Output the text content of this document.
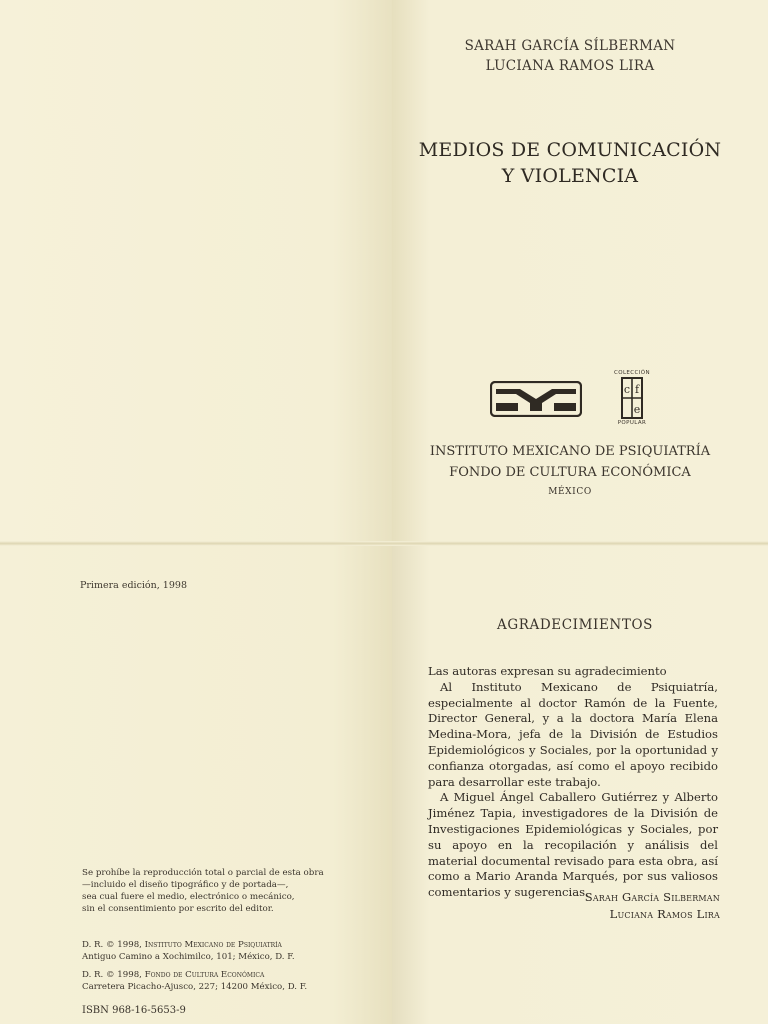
SARAH GARCÍA SÍLBERMAN
LUCIANA RAMOS LIRA
MEDIOS DE COMUNICACIÓN
Y VIOLENCIA
COLECCIÓN
c f
e
POPULAR
INSTITUTO MEXICANO DE PSIQUIATRÍA
FONDO DE CULTURA ECONÓMICA
MÉXICO
Primera edición, 1998
Se prohíbe la reproducción total o parcial de esta obra
—incluido el diseño tipográfico y de portada—,
sea cual fuere el medio, electrónico o mecánico,
sin el consentimiento por escrito del editor.

D. R. © 1998, Instituto Mexicano de Psiquiatría
Antiguo Camino a Xochimilco, 101; México, D. F.

D. R. © 1998, Fondo de Cultura Económica
Carretera Picacho-Ajusco, 227; 14200 México, D. F.

ISBN 968-16-5653-9
AGRADECIMIENTOS

Las autoras expresan su agradecimiento

Al Instituto Mexicano de Psiquiatría, especialmente al doctor Ramón de la Fuente, Director General, y a la doctora María Elena Medina-Mora, jefa de la División de Estudios Epidemiológicos y Sociales, por la oportunidad y confianza otorgadas, así como el apoyo recibido para desarrollar este trabajo.

A Miguel Ángel Caballero Gutiérrez y Alberto Jiménez Tapia, investigadores de la División de Investigaciones Epidemiológicas y Sociales, por su apoyo en la recopilación y análisis del material documental revisado para esta obra, así como a Mario Aranda Marqués, por sus valiosos comentarios y sugerencias.

Sarah García Silberman
Luciana Ramos Lira
